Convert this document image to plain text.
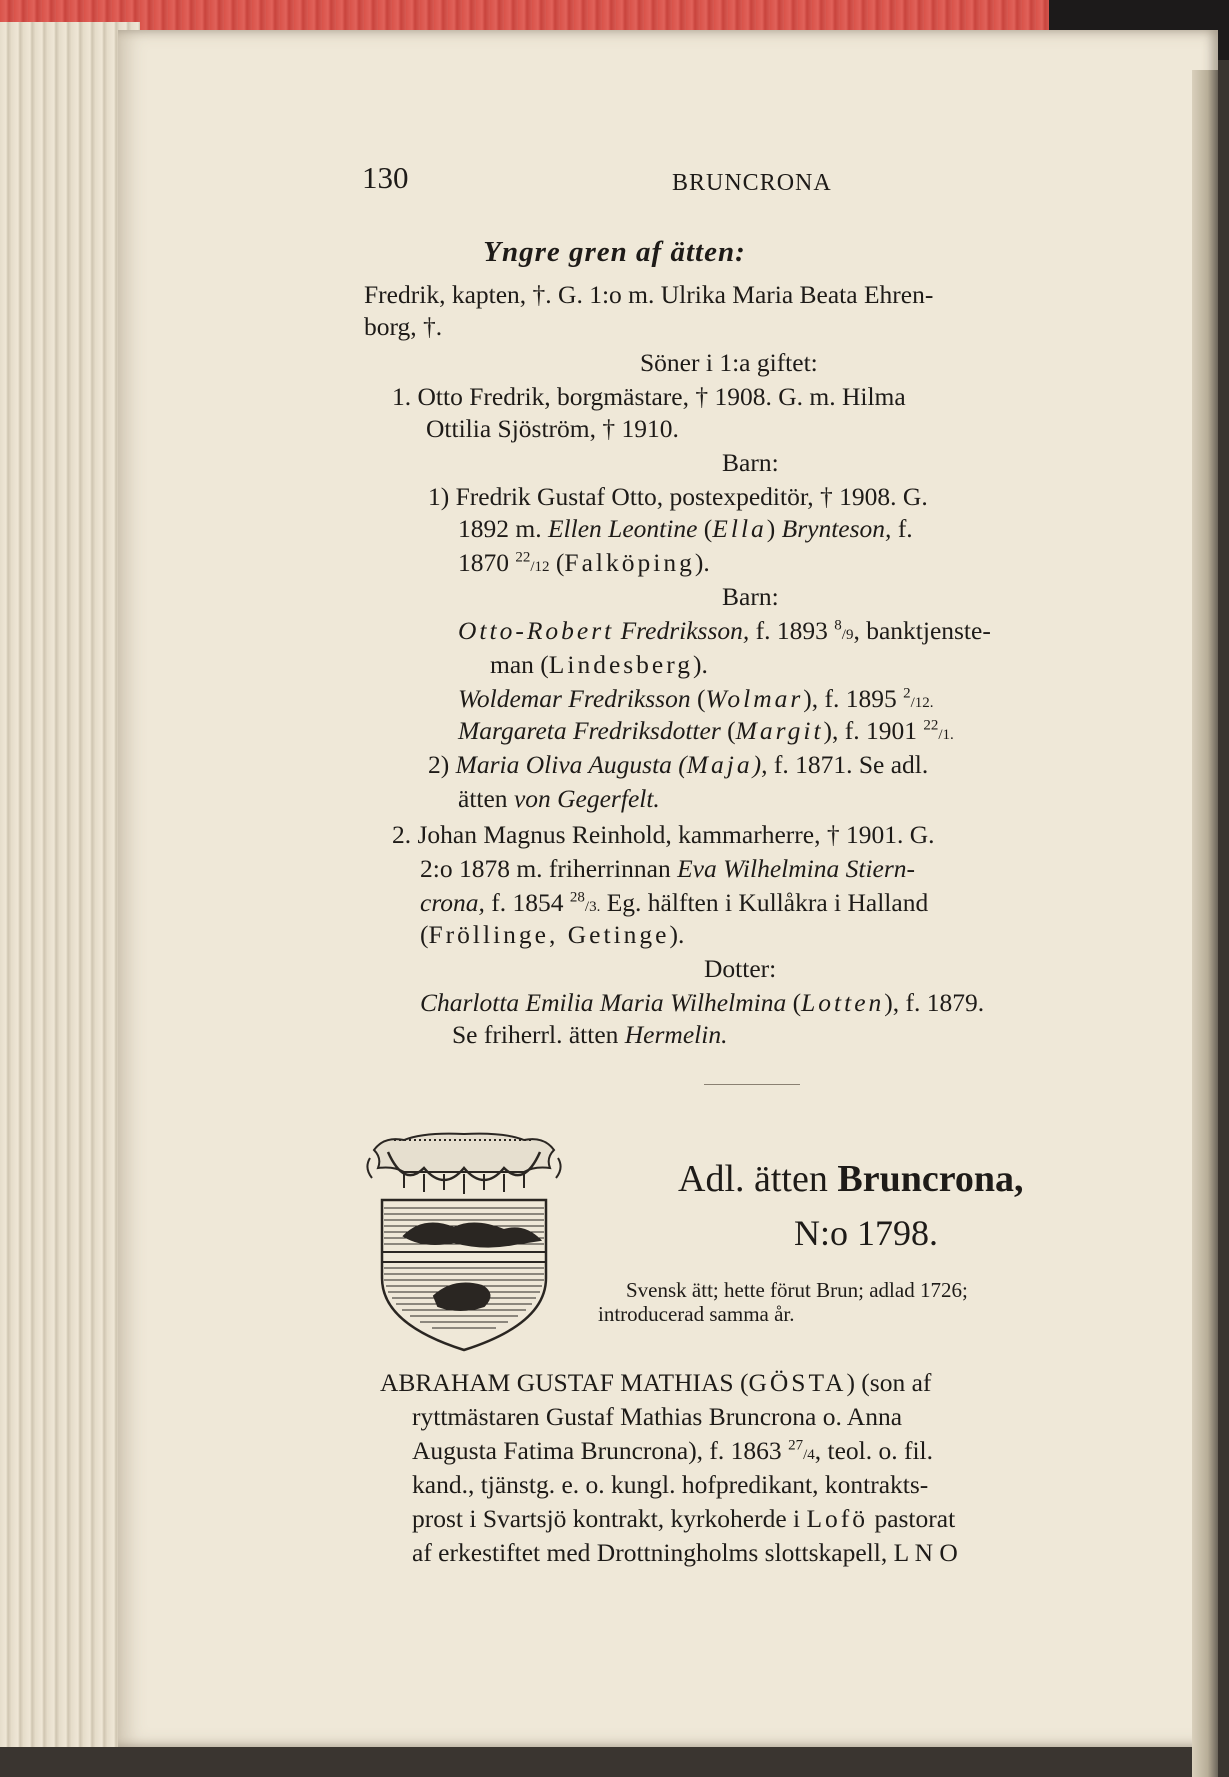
130	BRUNCRONA
Yngre gren af ätten:
Fredrik, kapten, †. G. 1:o m. Ulrika Maria Beata Ehren-
borg, †.
Söner i 1:a giftet:
1. Otto Fredrik, borgmästare, † 1908. G. m. Hilma
Ottilia Sjöström, † 1910.
Barn:
1) Fredrik Gustaf Otto, postexpeditör, † 1908. G.
1892 m. Ellen Leontine (Ella) Brynteson, f.
1870 $^{22}$/12 (Falköping).
Barn:
Otto-Robert Fredriksson, f. 1893 $^8$/9, banktjenste-
man (Lindesberg).
Woldemar Fredriksson (Wolmar), f. 1895 $^2$/12.
Margareta Fredriksdotter (Margit), f. 1901 $^{22}$/1.
2) Maria Oliva Augusta (Maja), f. 1871. Se adl.
ätten von Gegerfelt.
2. Johan Magnus Reinhold, kammarherre, † 1901. G.
2:o 1878 m. friherrinnan Eva Wilhelmina Stiern-
crona, f. 1854 $^{28}$/3. Eg. hälften i Kullåkra i Halland
(Fröllinge, Getinge).
Dotter:
Charlotta Emilia Maria Wilhelmina (Lotten), f. 1879.
Se friherrl. ätten Hermelin.
Adl. ätten Bruncrona,
N:o 1798.
Svensk ätt; hette förut Brun; adlad 1726;
introducerad samma år.
ABRAHAM GUSTAF MATHIAS (GÖSTA) (son af
ryttmästaren Gustaf Mathias Bruncrona o. Anna
Augusta Fatima Bruncrona), f. 1863 $^{27}$/4, teol. o. fil.
kand., tjänstg. e. o. kungl. hofpredikant, kontrakts-
prost i Svartsjö kontrakt, kyrkoherde i Lofö pastorat
af erkestiftet med Drottningholms slottskapell, L N O
